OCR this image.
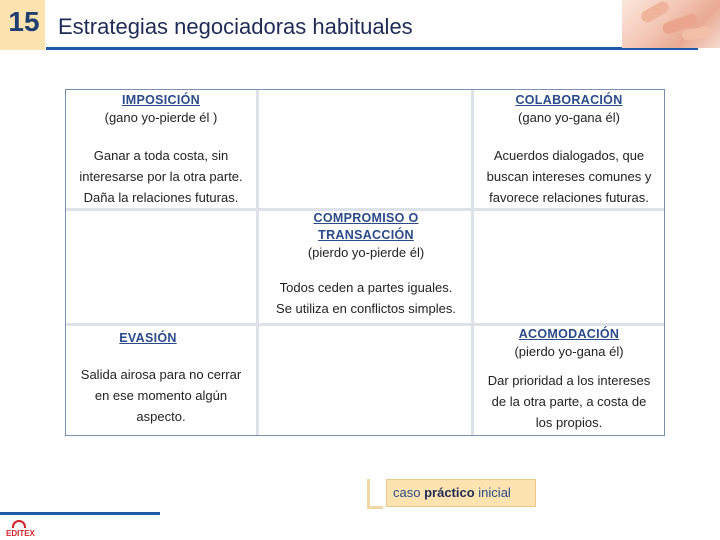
15 Estrategias negociadoras habituales
IMPOSICIÓN
(gano yo-pierde él )
Ganar a toda costa, sin
interesarse por la otra parte.
Daña la relaciones futuras.
COLABORACIÓN
(gano yo-gana él)
Acuerdos dialogados, que
buscan intereses comunes y
favorece relaciones futuras.
COMPROMISO O
TRANSACCIÓN
(pierdo yo-pierde él)
Todos ceden a partes iguales.
Se utiliza en conflictos simples.
EVASIÓN
Salida airosa para no cerrar
en ese momento algún
aspecto.
ACOMODACIÓN
(pierdo yo-gana él)
Dar prioridad a los intereses
de la otra parte, a costa de
los propios.
caso práctico inicial
EDITEX
